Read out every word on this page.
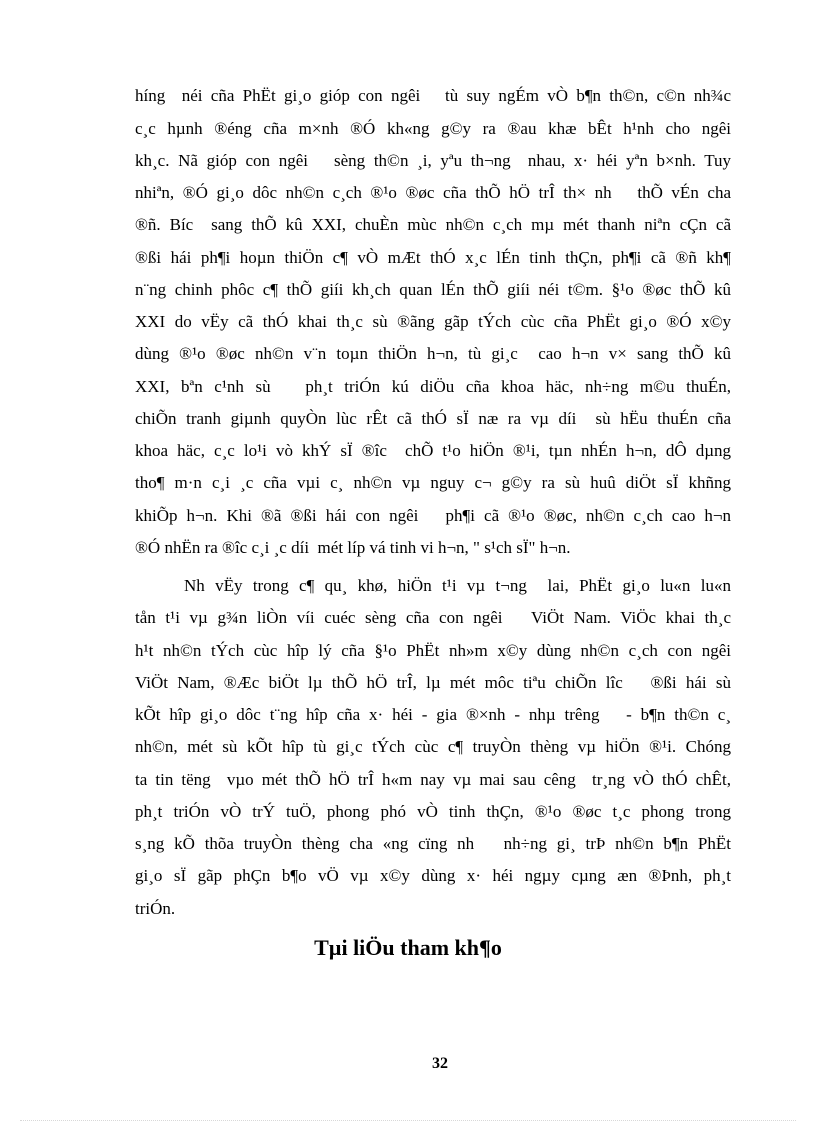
híng  néi cña PhËt gi¸o gióp con ngêi   tù suy ngÉm vÒ b¶n th©n, c©n nh¾c
c¸c hµnh ®éng cña m×nh ®Ó kh«ng g©y ra ®au khæ bÊt h¹nh cho ngêi
kh¸c. Nã gióp con ngêi   sèng th©n ¸i, yªu th¬ng  nhau, x· héi yªn b×nh. Tuy
nhiªn, ®Ó gi¸o dôc nh©n c¸ch ®¹o ®øc cña thÕ hÖ trÎ th× nh   thÕ vÉn cha
®ñ. Bíc  sang thÕ kû XXI, chuÈn mùc nh©n c¸ch mµ mét thanh niªn cÇn cã
®ßi hái ph¶i hoµn thiÖn c¶ vÒ mÆt thÓ x¸c lÉn tinh thÇn, ph¶i cã ®ñ kh¶
n¨ng chinh phôc c¶ thÕ giíi kh¸ch quan lÉn thÕ giíi néi t©m. §¹o ®øc thÕ kû
XXI do vËy cã thÓ khai th¸c sù ®ãng gãp tÝch cùc cña PhËt gi¸o ®Ó x©y
dùng ®¹o ®øc nh©n v¨n toµn thiÖn h¬n, tù gi¸c  cao h¬n v× sang thÕ kû
XXI, bªn c¹nh sù   ph¸t triÓn kú diÖu cña khoa häc, nh÷ng m©u thuÉn,
chiÕn tranh giµnh quyÒn lùc rÊt cã thÓ sÏ næ ra vµ díi  sù hËu thuÉn cña
khoa häc, c¸c lo¹i vò khÝ sÏ ®îc  chÕ t¹o hiÖn ®¹i, tµn nhÉn h¬n, dÔ dµng
tho¶ m·n c¸i ¸c cña vµi c¸ nh©n vµ nguy c¬ g©y ra sù huû diÖt sÏ khñng
khiÕp h¬n. Khi ®ã ®ßi hái con ngêi   ph¶i cã ®¹o ®øc, nh©n c¸ch cao h¬n
®Ó nhËn ra ®îc c¸i ¸c díi  mét líp vá tinh vi h¬n, " s¹ch sÏ" h¬n.
Nh vËy trong c¶ qu¸ khø, hiÖn t¹i vµ t¬ng  lai, PhËt gi¸o lu«n lu«n
tån t¹i vµ g¾n liÒn víi cuéc sèng cña con ngêi   ViÖt Nam. ViÖc khai th¸c
h¹t nh©n tÝch cùc hîp lý cña §¹o PhËt nh»m x©y dùng nh©n c¸ch con ngêi
ViÖt Nam, ®Æc biÖt lµ thÕ hÖ trÎ, lµ mét môc tiªu chiÕn lîc   ®ßi hái sù
kÕt hîp gi¸o dôc t¨ng hîp cña x· héi - gia ®×nh - nhµ trêng   - b¶n th©n c¸
nh©n, mét sù kÕt hîp tù gi¸c tÝch cùc c¶ truyÒn thèng vµ hiÖn ®¹i. Chóng
ta tin tëng  vµo mét thÕ hÖ trÎ h«m nay vµ mai sau cêng  tr¸ng vÒ thÓ chÊt,
ph¸t triÓn vÒ trÝ tuÖ, phong phó vÒ tinh thÇn, ®¹o ®øc t¸c phong trong
s¸ng kÕ thõa truyÒn thèng cha «ng cïng nh   nh÷ng gi¸ trÞ nh©n b¶n PhËt
gi¸o sÏ gãp phÇn b¶o vÖ vµ x©y dùng x· héi ngµy cµng æn ®Þnh, ph¸t
triÓn.
Tµi liÖu tham kh¶o
32
